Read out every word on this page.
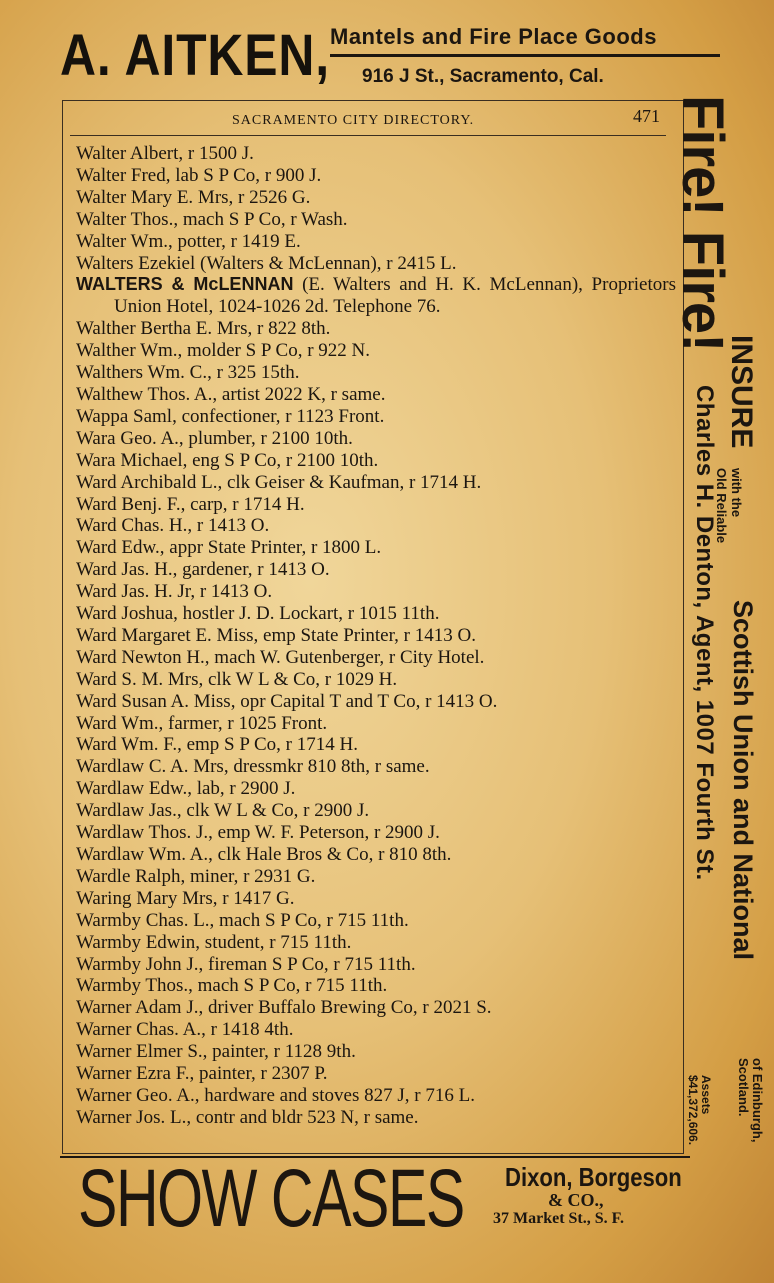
A. AITKEN, Mantels and Fire Place Goods
916 J St., Sacramento, Cal.
SACRAMENTO CITY DIRECTORY.	471
Walter Albert, r 1500 J.
Walter Fred, lab S P Co, r 900 J.
Walter Mary E. Mrs, r 2526 G.
Walter Thos., mach S P Co, r Wash.
Walter Wm., potter, r 1419 E.
Walters Ezekiel (Walters & McLennan), r 2415 L.
WALTERS & McLENNAN (E. Walters and H. K. McLennan), Proprietors Union Hotel, 1024-1026 2d. Telephone 76.
Walther Bertha E. Mrs, r 822 8th.
Walther Wm., molder S P Co, r 922 N.
Walthers Wm. C., r 325 15th.
Walthew Thos. A., artist 2022 K, r same.
Wappa Saml, confectioner, r 1123 Front.
Wara Geo. A., plumber, r 2100 10th.
Wara Michael, eng S P Co, r 2100 10th.
Ward Archibald L., clk Geiser & Kaufman, r 1714 H.
Ward Benj. F., carp, r 1714 H.
Ward Chas. H., r 1413 O.
Ward Edw., appr State Printer, r 1800 L.
Ward Jas. H., gardener, r 1413 O.
Ward Jas. H. Jr, r 1413 O.
Ward Joshua, hostler J. D. Lockart, r 1015 11th.
Ward Margaret E. Miss, emp State Printer, r 1413 O.
Ward Newton H., mach W. Gutenberger, r City Hotel.
Ward S. M. Mrs, clk W L & Co, r 1029 H.
Ward Susan A. Miss, opr Capital T and T Co, r 1413 O.
Ward Wm., farmer, r 1025 Front.
Ward Wm. F., emp S P Co, r 1714 H.
Wardlaw C. A. Mrs, dressmkr 810 8th, r same.
Wardlaw Edw., lab, r 2900 J.
Wardlaw Jas., clk W L & Co, r 2900 J.
Wardlaw Thos. J., emp W. F. Peterson, r 2900 J.
Wardlaw Wm. A., clk Hale Bros & Co, r 810 8th.
Wardle Ralph, miner, r 2931 G.
Waring Mary Mrs, r 1417 G.
Warmby Chas. L., mach S P Co, r 715 11th.
Warmby Edwin, student, r 715 11th.
Warmby John J., fireman S P Co, r 715 11th.
Warmby Thos., mach S P Co, r 715 11th.
Warner Adam J., driver Buffalo Brewing Co, r 2021 S.
Warner Chas. A., r 1418 4th.
Warner Elmer S., painter, r 1128 9th.
Warner Ezra F., painter, r 2307 P.
Warner Geo. A., hardware and stoves 827 J, r 716 L.
Warner Jos. L., contr and bldr 523 N, r same.
Fire! Fire!
INSURE
with the
Old Reliable
Charles H. Denton, Agent, 1007 Fourth St. Scottish Union and National
of Edinburgh,
Scotland.
Assets
$41,372,606.
SHOW CASES Dixon, Borgeson
& CO.,
37 Market St., S. F.
